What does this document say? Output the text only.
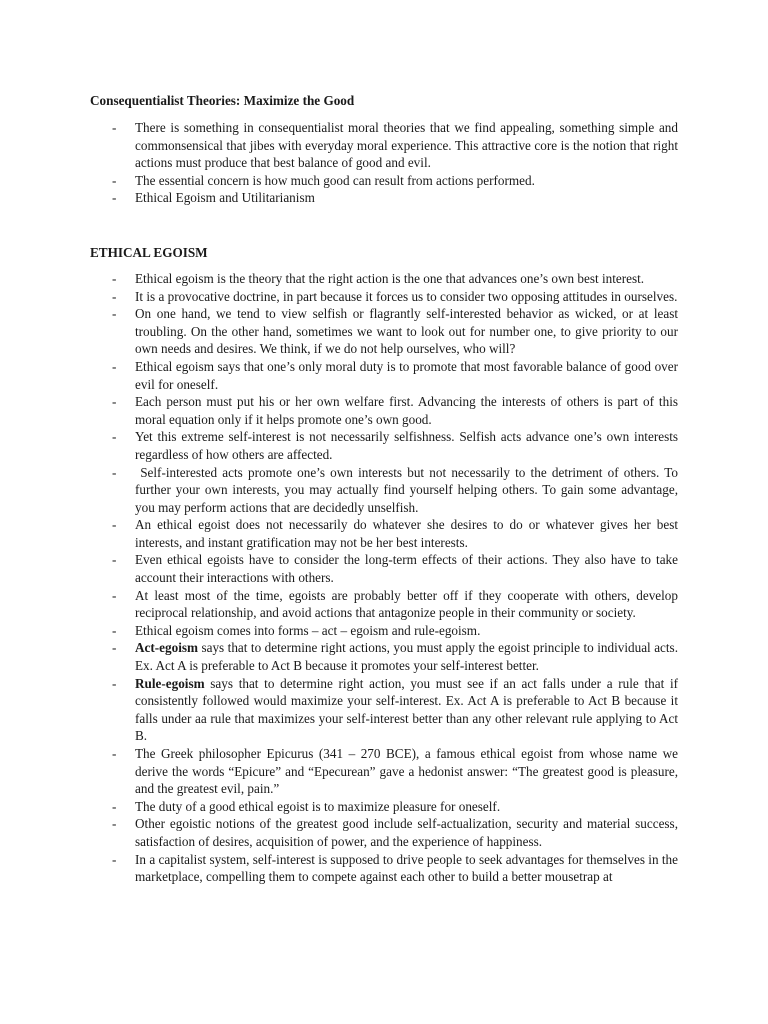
Consequentialist Theories: Maximize the Good

- There is something in consequentialist moral theories that we find appealing, something simple and commonsensical that jibes with everyday moral experience. This attractive core is the notion that right actions must produce that best balance of good and evil.
- The essential concern is how much good can result from actions performed.
- Ethical Egoism and Utilitarianism

ETHICAL EGOISM

- Ethical egoism is the theory that the right action is the one that advances one’s own best interest.
- It is a provocative doctrine, in part because it forces us to consider two opposing attitudes in ourselves.
- On one hand, we tend to view selfish or flagrantly self-interested behavior as wicked, or at least troubling. On the other hand, sometimes we want to look out for number one, to give priority to our own needs and desires. We think, if we do not help ourselves, who will?
- Ethical egoism says that one’s only moral duty is to promote that most favorable balance of good over evil for oneself.
- Each person must put his or her own welfare first. Advancing the interests of others is part of this moral equation only if it helps promote one’s own good.
- Yet this extreme self-interest is not necessarily selfishness. Selfish acts advance one’s own interests regardless of how others are affected.
- Self-interested acts promote one’s own interests but not necessarily to the detriment of others. To further your own interests, you may actually find yourself helping others. To gain some advantage, you may perform actions that are decidedly unselfish.
- An ethical egoist does not necessarily do whatever she desires to do or whatever gives her best interests, and instant gratification may not be her best interests.
- Even ethical egoists have to consider the long-term effects of their actions. They also have to take account their interactions with others.
- At least most of the time, egoists are probably better off if they cooperate with others, develop reciprocal relationship, and avoid actions that antagonize people in their community or society.
- Ethical egoism comes into forms – act – egoism and rule-egoism.
- Act-egoism says that to determine right actions, you must apply the egoist principle to individual acts. Ex. Act A is preferable to Act B because it promotes your self-interest better.
- Rule-egoism says that to determine right action, you must see if an act falls under a rule that if consistently followed would maximize your self-interest. Ex. Act A is preferable to Act B because it falls under aa rule that maximizes your self-interest better than any other relevant rule applying to Act B.
- The Greek philosopher Epicurus (341 – 270 BCE), a famous ethical egoist from whose name we derive the words “Epicure” and “Epecurean” gave a hedonist answer: “The greatest good is pleasure, and the greatest evil, pain.”
- The duty of a good ethical egoist is to maximize pleasure for oneself.
- Other egoistic notions of the greatest good include self-actualization, security and material success, satisfaction of desires, acquisition of power, and the experience of happiness.
- In a capitalist system, self-interest is supposed to drive people to seek advantages for themselves in the marketplace, compelling them to compete against each other to build a better mousetrap at
